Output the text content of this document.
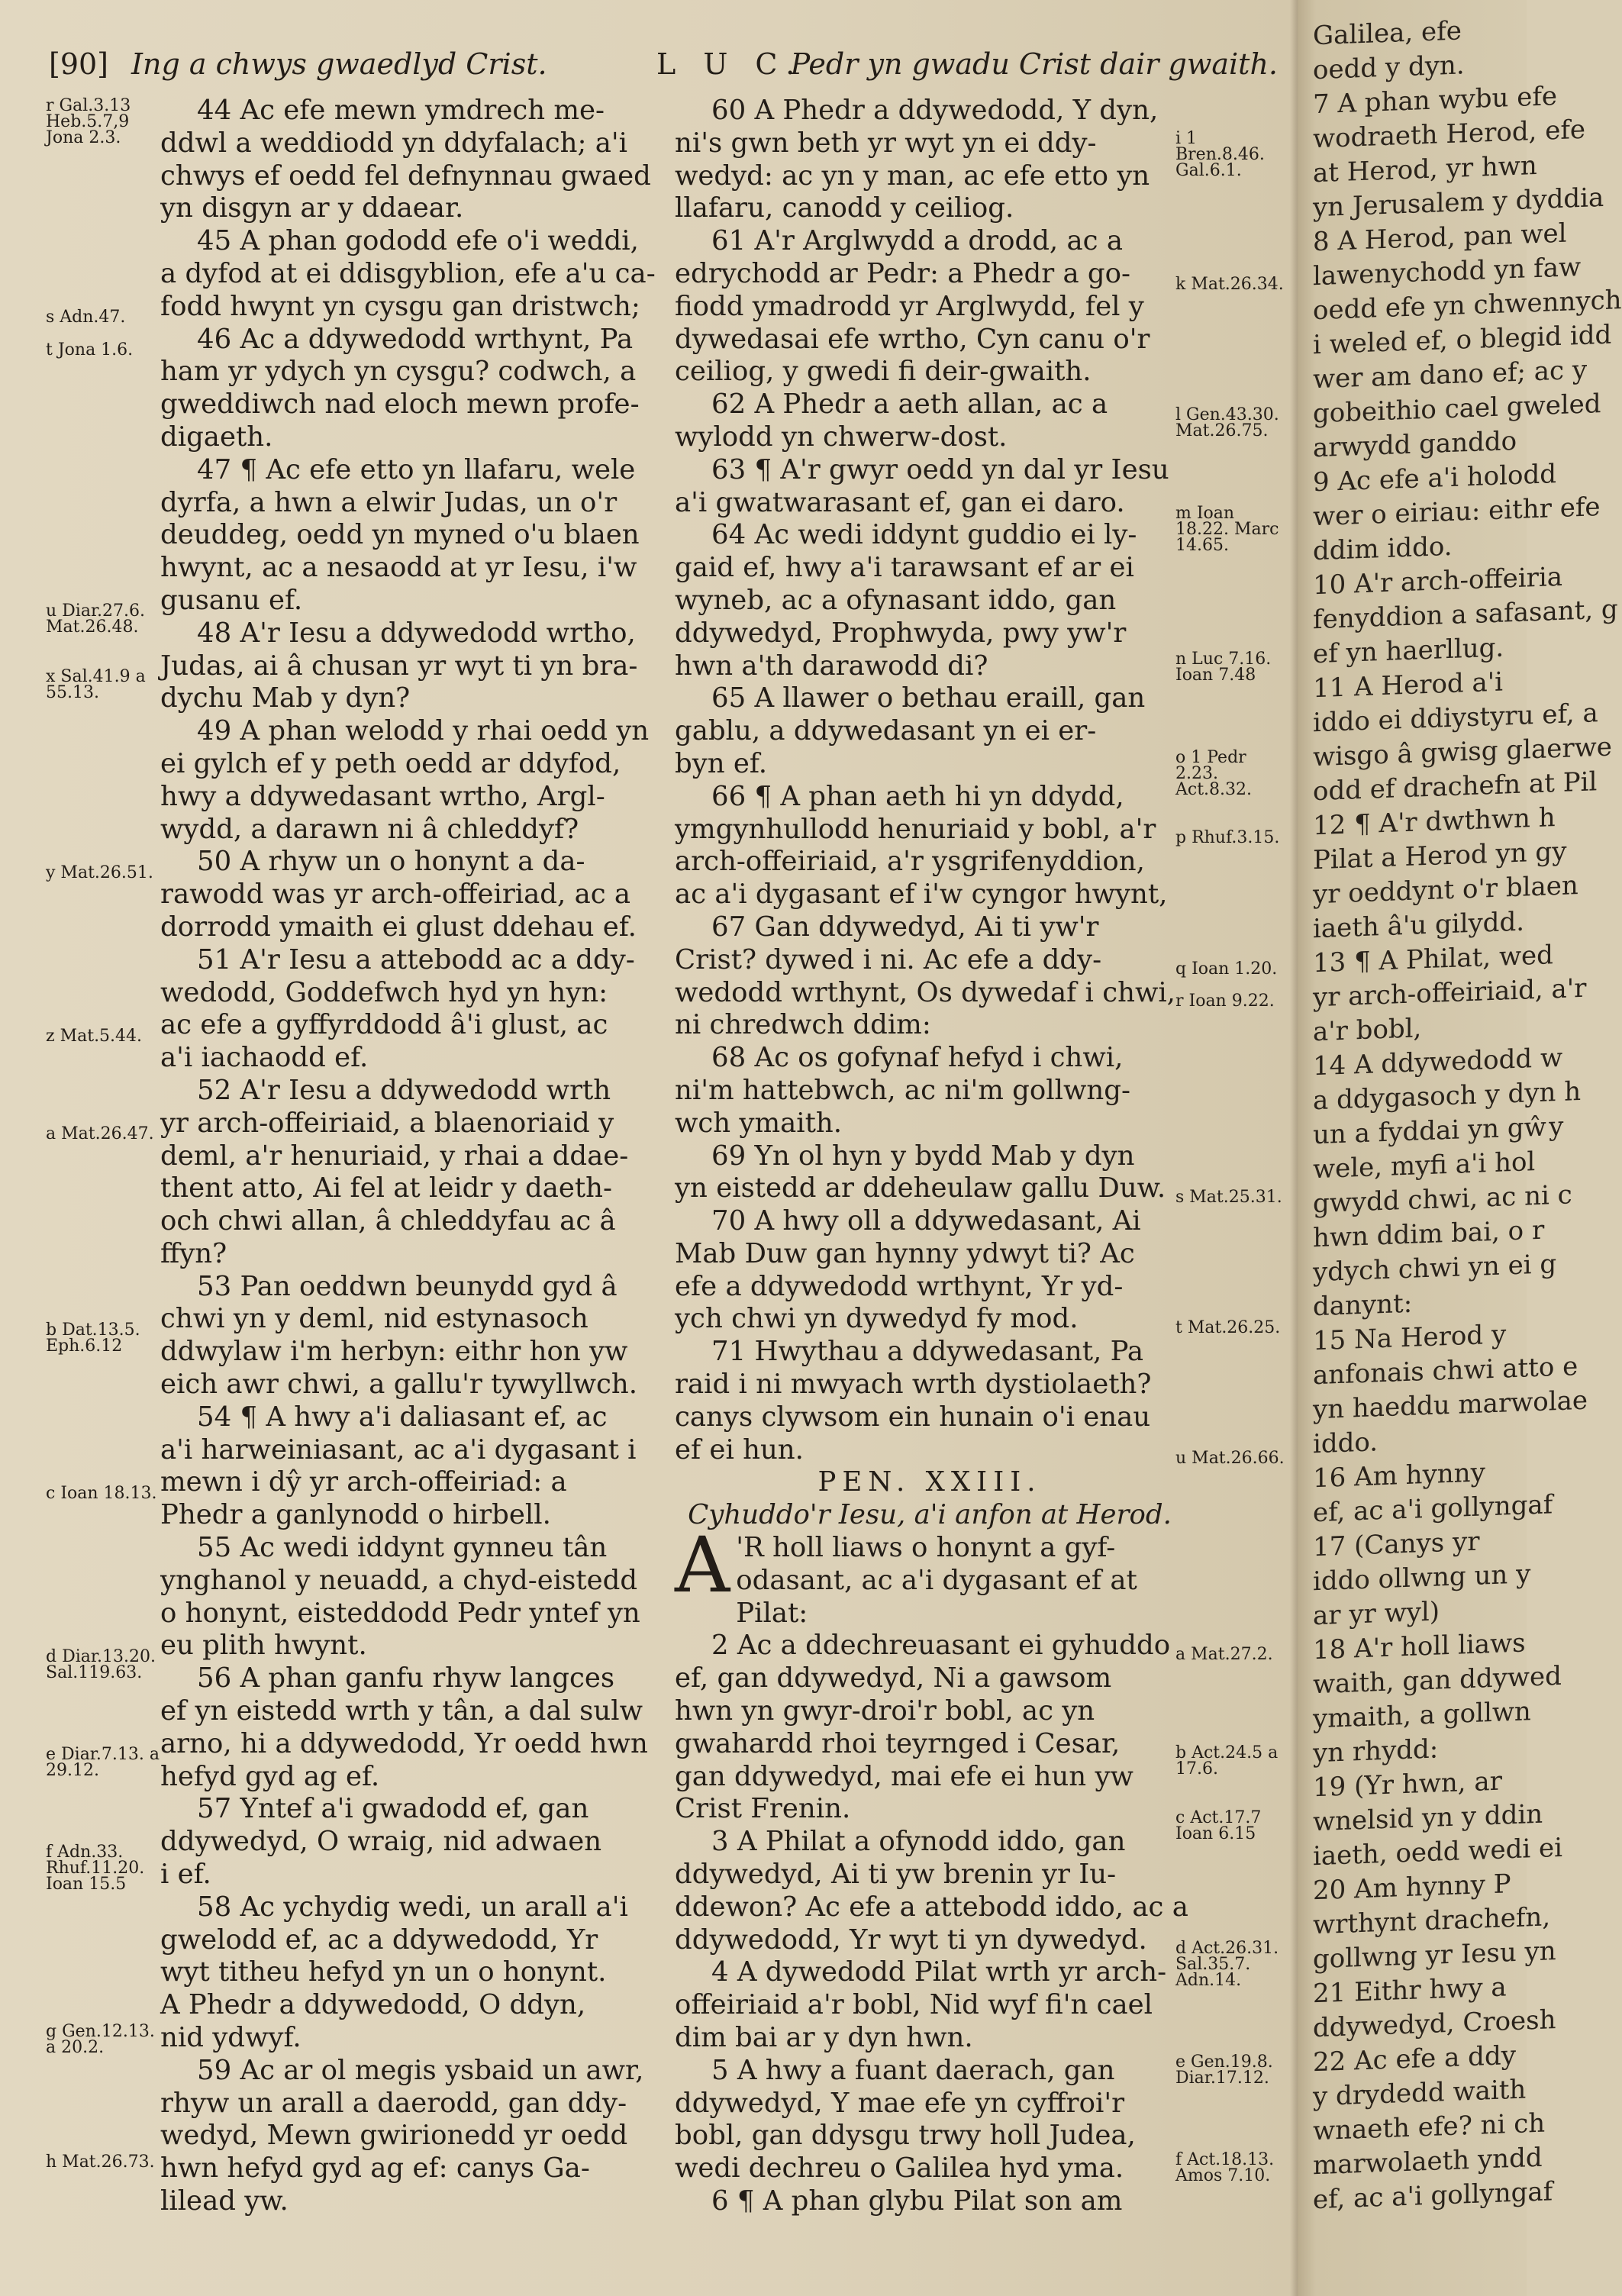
[90] Ing a chwys gwaedlyd Crist.	L U C.
Pedr yn gwadu Crist dair gwaith.
r Gal.3.13 Heb.5.7,9 Jona 2.3.
s Adn.47.
t Jona 1.6.
u Diar.27.6. Mat.26.48.
x Sal.41.9 a 55.13.
y Mat.26.51.
z Mat.5.44.
a Mat.26.47.
b Dat.13.5. Eph.6.12
c Ioan 18.13.
d Diar.13.20. Sal.119.63.
e Diar.7.13. a 29.12.
f Adn.33. Rhuf.11.20. Ioan 15.5
g Gen.12.13. a 20.2.
h Mat.26.73.
44 Ac efe mewn ymdrech me-
ddwl a weddiodd yn ddyfalach; a'i
chwys ef oedd fel defnynnau gwaed
yn disgyn ar y ddaear.
45 A phan gododd efe o'i weddi,
a dyfod at ei ddisgyblion, efe a'u ca-
fodd hwynt yn cysgu gan dristwch;
46 Ac a ddywedodd wrthynt, Pa
ham yr ydych yn cysgu? codwch, a
gweddiwch nad eloch mewn profe-
digaeth.
47 ¶ Ac efe etto yn llafaru, wele
dyrfa, a hwn a elwir Judas, un o'r
deuddeg, oedd yn myned o'u blaen
hwynt, ac a nesaodd at yr Iesu, i'w
gusanu ef.
48 A'r Iesu a ddywedodd wrtho,
Judas, ai â chusan yr wyt ti yn bra-
dychu Mab y dyn?
49 A phan welodd y rhai oedd yn
ei gylch ef y peth oedd ar ddyfod,
hwy a ddywedasant wrtho, Argl-
wydd, a darawn ni â chleddyf?
50 A rhyw un o honynt a da-
rawodd was yr arch-offeiriad, ac a
dorrodd ymaith ei glust ddehau ef.
51 A'r Iesu a attebodd ac a ddy-
wedodd, Goddefwch hyd yn hyn:
ac efe a gyffyrddodd â'i glust, ac
a'i iachaodd ef.
52 A'r Iesu a ddywedodd wrth
yr arch-offeiriaid, a blaenoriaid y
deml, a'r henuriaid, y rhai a ddae-
thent atto, Ai fel at leidr y daeth-
och chwi allan, â chleddyfau ac â
ffyn?
53 Pan oeddwn beunydd gyd â
chwi yn y deml, nid estynasoch
ddwylaw i'm herbyn: eithr hon yw
eich awr chwi, a gallu'r tywyllwch.
54 ¶ A hwy a'i daliasant ef, ac
a'i harweiniasant, ac a'i dygasant i
mewn i dŷ yr arch-offeiriad: a
Phedr a ganlynodd o hirbell.
55 Ac wedi iddynt gynneu tân
ynghanol y neuadd, a chyd-eistedd
o honynt, eisteddodd Pedr yntef yn
eu plith hwynt.
56 A phan ganfu rhyw langces
ef yn eistedd wrth y tân, a dal sulw
arno, hi a ddywedodd, Yr oedd hwn
hefyd gyd ag ef.
57 Yntef a'i gwadodd ef, gan
ddywedyd, O wraig, nid adwaen
i ef.
58 Ac ychydig wedi, un arall a'i
gwelodd ef, ac a ddywedodd, Yr
wyt titheu hefyd yn un o honynt.
A Phedr a ddywedodd, O ddyn,
nid ydwyf.
59 Ac ar ol megis ysbaid un awr,
rhyw un arall a daerodd, gan ddy-
wedyd, Mewn gwirionedd yr oedd
hwn hefyd gyd ag ef: canys Ga-
lilead yw.
60 A Phedr a ddywedodd, Y dyn,
ni's gwn beth yr wyt yn ei ddy-
wedyd: ac yn y man, ac efe etto yn
llafaru, canodd y ceiliog.
61 A'r Arglwydd a drodd, ac a
edrychodd ar Pedr: a Phedr a go-
fiodd ymadrodd yr Arglwydd, fel y
dywedasai efe wrtho, Cyn canu o'r
ceiliog, y gwedi fi deir-gwaith.
62 A Phedr a aeth allan, ac a
wylodd yn chwerw-dost.
63 ¶ A'r gwyr oedd yn dal yr Iesu
a'i gwatwarasant ef, gan ei daro.
64 Ac wedi iddynt guddio ei ly-
gaid ef, hwy a'i tarawsant ef ar ei
wyneb, ac a ofynasant iddo, gan
ddywedyd, Prophwyda, pwy yw'r
hwn a'th darawodd di?
65 A llawer o bethau eraill, gan
gablu, a ddywedasant yn ei er-
byn ef.
66 ¶ A phan aeth hi yn ddydd,
ymgynhullodd henuriaid y bobl, a'r
arch-offeiriaid, a'r ysgrifenyddion,
ac a'i dygasant ef i'w cyngor hwynt,
67 Gan ddywedyd, Ai ti yw'r
Crist? dywed i ni. Ac efe a ddy-
wedodd wrthynt, Os dywedaf i chwi,
ni chredwch ddim:
68 Ac os gofynaf hefyd i chwi,
ni'm hattebwch, ac ni'm gollwng-
wch ymaith.
69 Yn ol hyn y bydd Mab y dyn
yn eistedd ar ddeheulaw gallu Duw.
70 A hwy oll a ddywedasant, Ai
Mab Duw gan hynny ydwyt ti? Ac
efe a ddywedodd wrthynt, Yr yd-
ych chwi yn dywedyd fy mod.
71 Hwythau a ddywedasant, Pa
raid i ni mwyach wrth dystiolaeth?
canys clywsom ein hunain o'i enau
ef ei hun.
PEN. XXIII.
Cyhuddo'r Iesu, a'i anfon at Herod.
A 'R holl liaws o honynt a gyf-
odasant, ac a'i dygasant ef at
Pilat:
2 Ac a ddechreuasant ei gyhuddo
ef, gan ddywedyd, Ni a gawsom
hwn yn gwyr-droi'r bobl, ac yn
gwahardd rhoi teyrnged i Cesar,
gan ddywedyd, mai efe ei hun yw
Crist Frenin.
3 A Philat a ofynodd iddo, gan
ddywedyd, Ai ti yw brenin yr Iu-
ddewon? Ac efe a attebodd iddo, ac a
ddywedodd, Yr wyt ti yn dywedyd.
4 A dywedodd Pilat wrth yr arch-
offeiriaid a'r bobl, Nid wyf fi'n cael
dim bai ar y dyn hwn.
5 A hwy a fuant daerach, gan
ddywedyd, Y mae efe yn cyffroi'r
bobl, gan ddysgu trwy holl Judea,
wedi dechreu o Galilea hyd yma.
6 ¶ A phan glybu Pilat son am
i 1 Bren.8.46. Gal.6.1.
k Mat.26.34.
l Gen.43.30. Mat.26.75.
m Ioan 18.22. Marc 14.65.
n Luc 7.16. Ioan 7.48
o 1 Pedr 2.23. Act.8.32.
p Rhuf.3.15.
q Ioan 1.20.
r Ioan 9.22.
s Mat.25.31.
t Mat.26.25.
u Mat.26.66.
a Mat.27.2.
b Act.24.5 a 17.6.
c Act.17.7 Ioan 6.15
d Act.26.31. Sal.35.7. Adn.14.
e Gen.19.8. Diar.17.12.
f Act.18.13. Amos 7.10.
Galilea, efe
oedd y dyn.
7 A phan wybu efe
wodraeth Herod, efe
at Herod, yr hwn
yn Jerusalem y dyddia
8 A Herod, pan wel
lawenychodd yn faw
oedd efe yn chwennych
i weled ef, o blegid idd
wer am dano ef; ac y
gobeithio cael gweled
arwydd ganddo
9 Ac efe a'i holodd
wer o eiriau: eithr efe
ddim iddo.
10 A'r arch-offeiria
fenyddion a safasant, g
ef yn haerllug.
11 A Herod a'i
iddo ei ddiystyru ef, a
wisgo â gwisg glaerwe
odd ef drachefn at Pil
12 ¶ A'r dwthwn h
Pilat a Herod yn gy
yr oeddynt o'r blaen
iaeth â'u gilydd.
13 ¶ A Philat, wed
yr arch-offeiriaid, a'r
a'r bobl,
14 A ddywedodd w
a ddygasoch y dyn h
un a fyddai yn gŵy
wele, myfi a'i hol
gwydd chwi, ac ni c
hwn ddim bai, o r
ydych chwi yn ei g
danynt:
15 Na Herod y
anfonais chwi atto e
yn haeddu marwolae
iddo.
16 Am hynny
ef, ac a'i gollyngaf
17 (Canys yr
iddo ollwng un y
ar yr wyl)
18 A'r holl liaws
waith, gan ddywed
ymaith, a gollwn
yn rhydd:
19 (Yr hwn, ar
wnelsid yn y ddin
iaeth, oedd wedi ei
20 Am hynny P
wrthynt drachefn,
gollwng yr Iesu yn
21 Eithr hwy a
ddywedyd, Croesh
22 Ac efe a ddy
y drydedd waith
wnaeth efe? ni ch
marwolaeth yndd
ef, ac a'i gollyngaf
